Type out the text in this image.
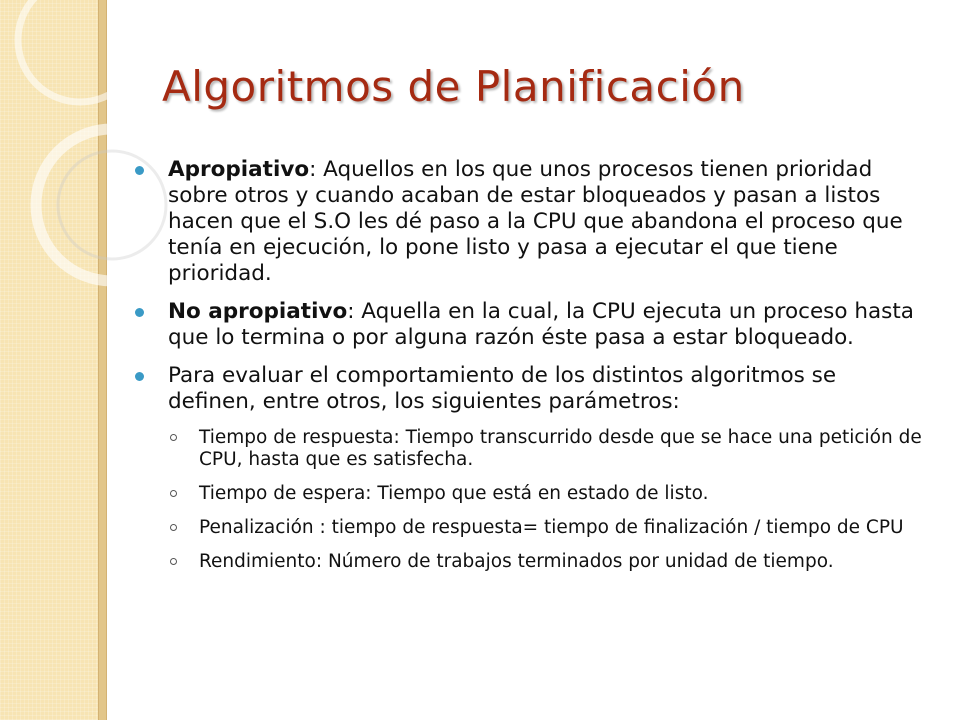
Algoritmos de Planificación
Apropiativo: Aquellos en los que unos procesos tienen prioridad sobre otros y cuando acaban de estar bloqueados y pasan a listos hacen que el S.O les dé paso a la CPU que abandona el proceso que tenía en ejecución, lo pone listo y pasa a ejecutar el que tiene prioridad.
No apropiativo: Aquella en la cual, la CPU ejecuta un proceso hasta que lo termina o por alguna razón éste pasa a estar bloqueado.
Para evaluar el comportamiento de los distintos algoritmos se definen, entre otros, los siguientes parámetros:
Tiempo de respuesta: Tiempo transcurrido desde que se hace una petición de CPU, hasta que es satisfecha.
Tiempo de espera: Tiempo que está en estado de listo.
Penalización : tiempo de respuesta= tiempo de finalización / tiempo de CPU
Rendimiento: Número de trabajos terminados por unidad de tiempo.
